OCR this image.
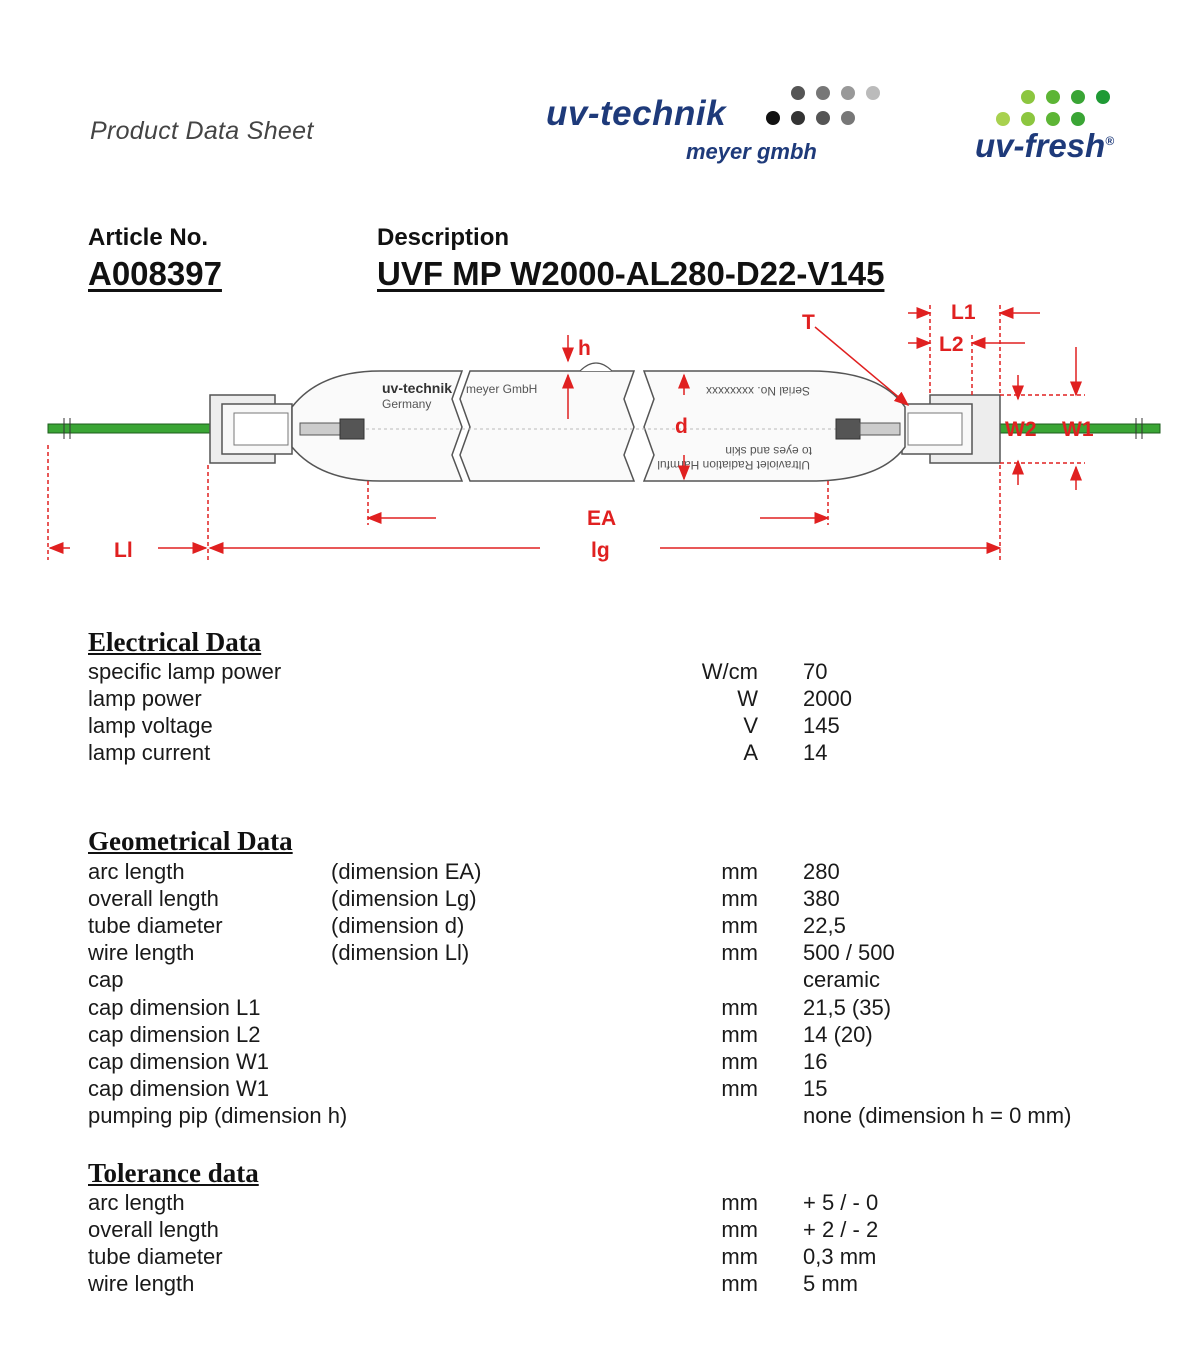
Product Data Sheet	uv-technik
meyer gmbh	uv-fresh®
Article No.
A008397
Description
UVF MP W2000-AL280-D22-V145
uv-technik
Germany
meyer GmbH	Serial No. xxxxxxxx
Ultraviolet Radiation Harmful
to eyes and skin
h
d
EA
lg
Ll
L1
L2
T
W2 W1
Electrical Data
specific lamp power	W/cm 70
lamp power	W 2000
lamp voltage	V 145
lamp current	A 14
Geometrical Data
arc length	(dimension EA)	mm 280
overall length	(dimension Lg)	mm 380
tube diameter	(dimension d)	mm 22,5
wire length	(dimension Ll)	mm 500 / 500
cap	ceramic
cap dimension L1	mm 21,5 (35)
cap dimension L2	mm 14 (20)
cap dimension W1	mm 16
cap dimension W1	mm 15
pumping pip (dimension h)	none (dimension h = 0 mm)
Tolerance data
arc length	mm + 5 / - 0
overall length	mm + 2 / - 2
tube diameter	mm 0,3 mm
wire length	mm 5 mm
